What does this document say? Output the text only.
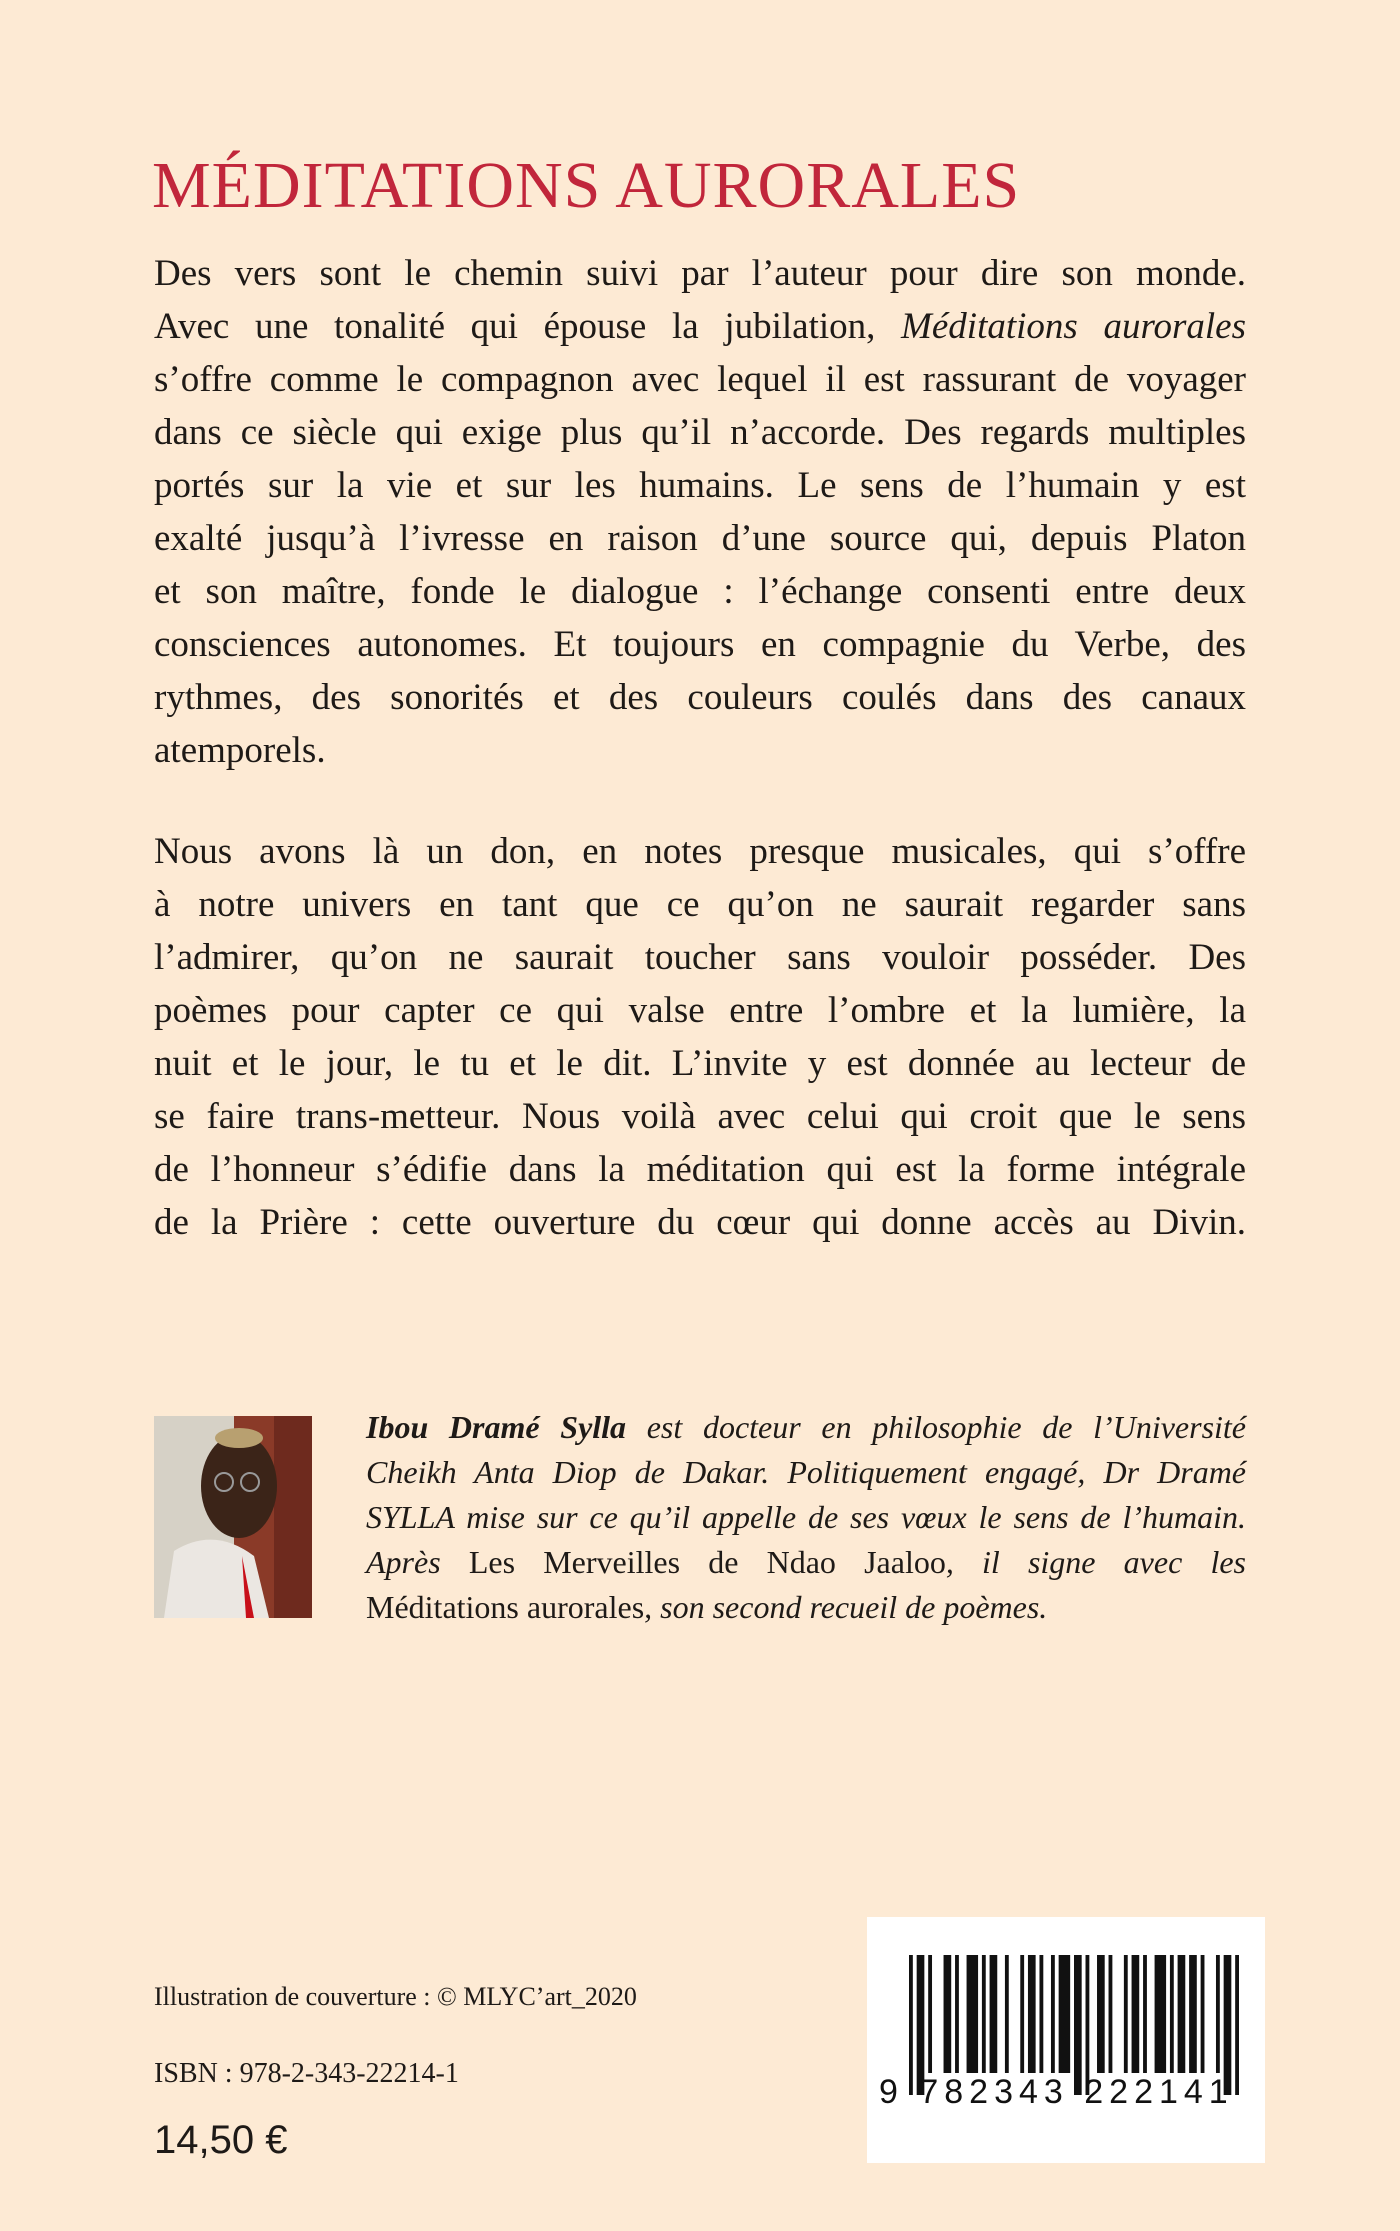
MÉDITATIONS AURORALES
Des vers sont le chemin suivi par l’auteur pour dire son monde.
Avec une tonalité qui épouse la jubilation, Méditations aurorales
s’offre comme le compagnon avec lequel il est rassurant de voyager
dans ce siècle qui exige plus qu’il n’accorde. Des regards multiples
portés sur la vie et sur les humains. Le sens de l’humain y est
exalté jusqu’à l’ivresse en raison d’une source qui, depuis Platon
et son maître, fonde le dialogue : l’échange consenti entre deux
consciences autonomes. Et toujours en compagnie du Verbe, des
rythmes, des sonorités et des couleurs coulés dans des canaux
atemporels.
Nous avons là un don, en notes presque musicales, qui s’offre
à notre univers en tant que ce qu’on ne saurait regarder sans
l’admirer, qu’on ne saurait toucher sans vouloir posséder. Des
poèmes pour capter ce qui valse entre l’ombre et la lumière, la
nuit et le jour, le tu et le dit. L’invite y est donnée au lecteur de
se faire trans-metteur. Nous voilà avec celui qui croit que le sens
de l’honneur s’édifie dans la méditation qui est la forme intégrale
de la Prière : cette ouverture du cœur qui donne accès au Divin.
Ibou Dramé Sylla est docteur en philosophie de l’Université
Cheikh Anta Diop de Dakar. Politiquement engagé, Dr Dramé
SYLLA mise sur ce qu’il appelle de ses vœux le sens de l’humain.
Après Les Merveilles de Ndao Jaaloo, il signe avec les
Méditations aurorales, son second recueil de poèmes.
Illustration de couverture : © MLYC’art_2020
ISBN : 978-2-343-22214-1
14,50 €
9 782343 222141
